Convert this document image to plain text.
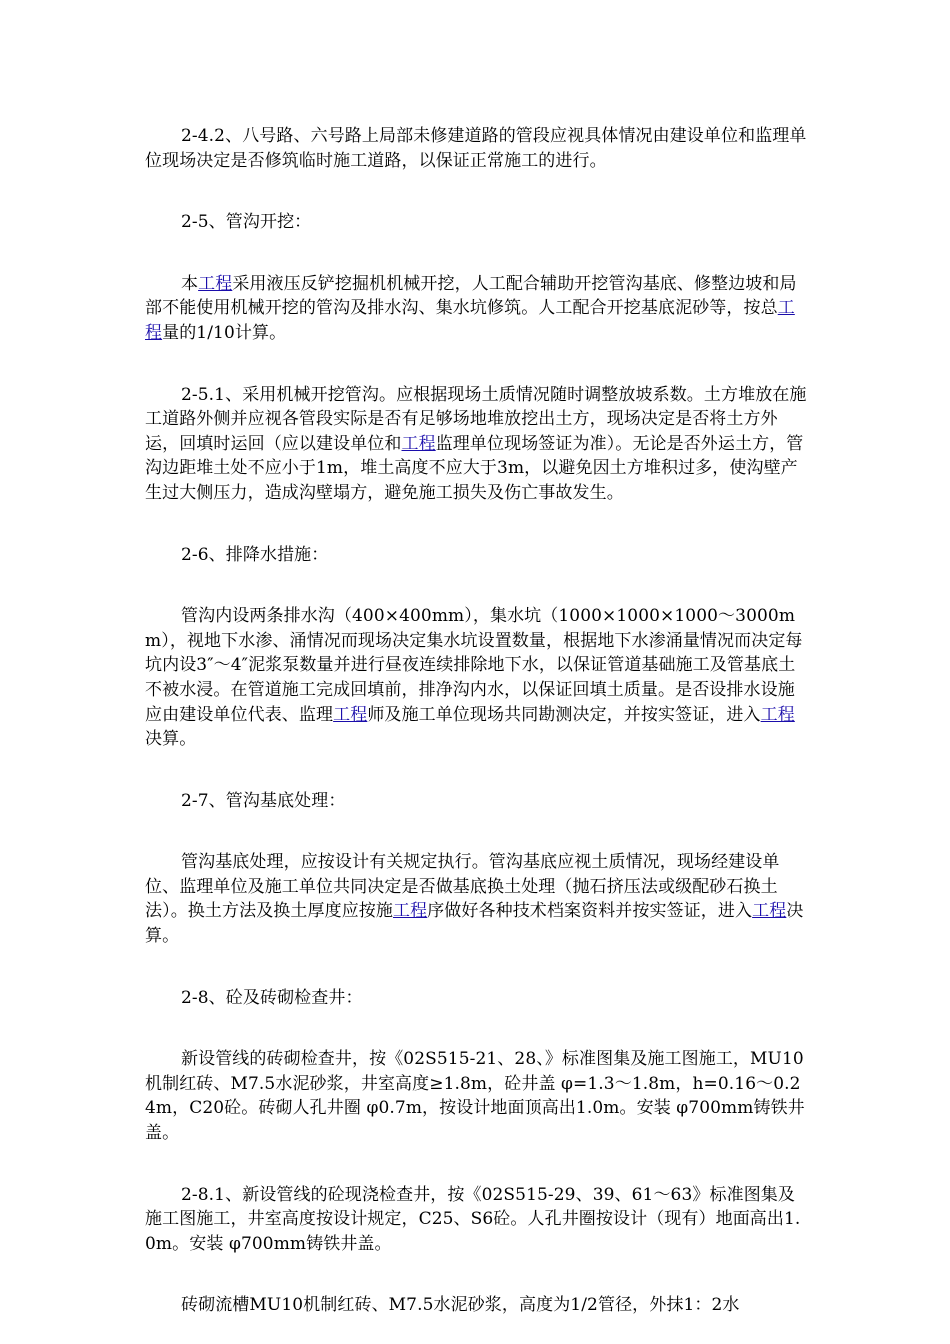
2-4.2、八号路、六号路上局部未修建道路的管段应视具体情况由建设单位和监理单位现场决定是否修筑临时施工道路，以保证正常施工的进行。

2-5、管沟开挖：

本工程采用液压反铲挖掘机机械开挖，人工配合辅助开挖管沟基底、修整边坡和局部不能使用机械开挖的管沟及排水沟、集水坑修筑。人工配合开挖基底泥砂等，按总工程量的1/10计算。

2-5.1、采用机械开挖管沟。应根据现场土质情况随时调整放坡系数。土方堆放在施工道路外侧并应视各管段实际是否有足够场地堆放挖出土方，现场决定是否将土方外运，回填时运回（应以建设单位和工程监理单位现场签证为准）。无论是否外运土方，管沟边距堆土处不应小于1m，堆土高度不应大于3m，以避免因土方堆积过多，使沟壁产生过大侧压力，造成沟壁塌方，避免施工损失及伤亡事故发生。

2-6、排降水措施：

管沟内设两条排水沟（400×400mm），集水坑（1000×1000×1000～3000mm），视地下水渗、涌情况而现场决定集水坑设置数量，根据地下水渗涌量情况而决定每坑内设3″～4″泥浆泵数量并进行昼夜连续排除地下水，以保证管道基础施工及管基底土不被水浸。在管道施工完成回填前，排净沟内水，以保证回填土质量。是否设排水设施应由建设单位代表、监理工程师及施工单位现场共同勘测决定，并按实签证，进入工程决算。

2-7、管沟基底处理：

管沟基底处理，应按设计有关规定执行。管沟基底应视土质情况，现场经建设单位、监理单位及施工单位共同决定是否做基底换土处理（抛石挤压法或级配砂石换土法）。换土方法及换土厚度应按施工程序做好各种技术档案资料并按实签证，进入工程决算。

2-8、砼及砖砌检查井：

新设管线的砖砌检查井，按《02S515-21、28、》标准图集及施工图施工，MU10机制红砖、M7.5水泥砂浆，井室高度≥1.8m，砼井盖 φ=1.3～1.8m，h=0.16～0.24m，C20砼。砖砌人孔井圈 φ0.7m，按设计地面顶高出1.0m。安装 φ700mm铸铁井盖。

2-8.1、新设管线的砼现浇检查井，按《02S515-29、39、61～63》标准图集及施工图施工，井室高度按设计规定，C25、S6砼。人孔井圈按设计（现有）地面高出1.0m。安装 φ700mm铸铁井盖。

砖砌流槽MU10机制红砖、M7.5水泥砂浆，高度为1/2管径，外抹1：2水
